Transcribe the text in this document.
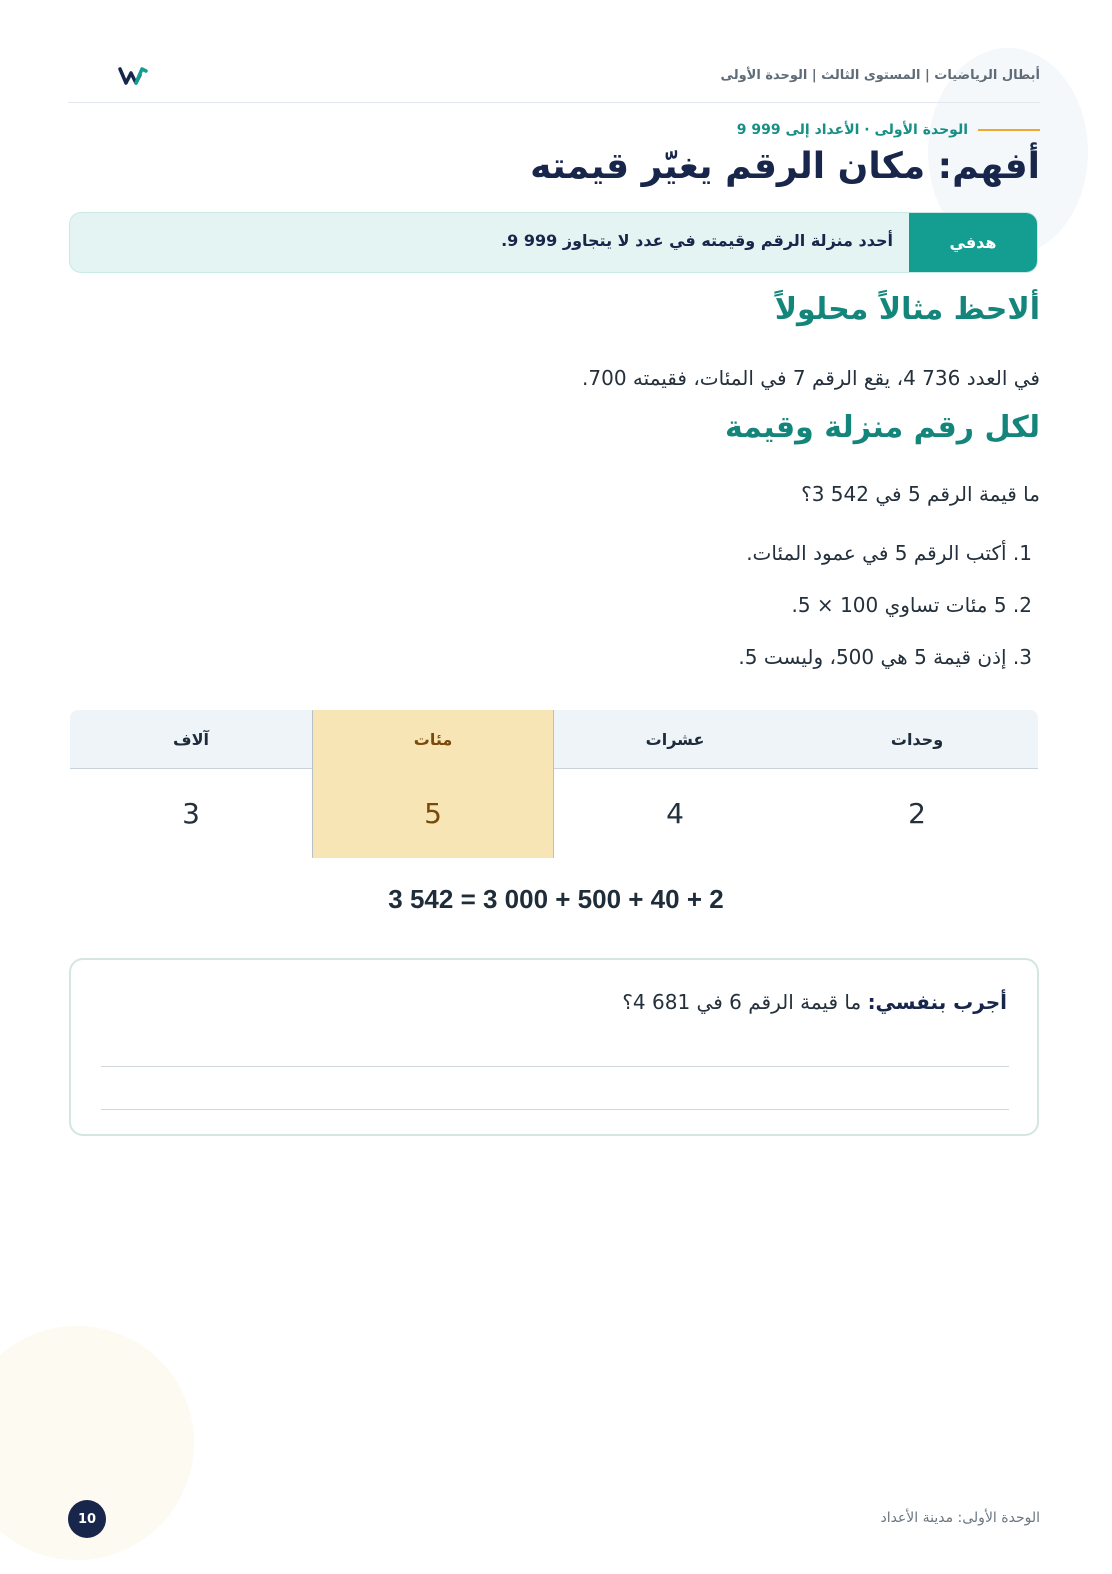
أبطال الرياضيات | المستوى الثالث | الوحدة الأولى
الوحدة الأولى · الأعداد إلى 999 9
أفهم: مكان الرقم يغيّر قيمته
هدفي
أحدد منزلة الرقم وقيمته في عدد لا يتجاوز 999 9.
ألاحظ مثالاً محلولاً

في العدد 736 4، يقع الرقم 7 في المئات، فقيمته 700.

لكل رقم منزلة وقيمة

ما قيمة الرقم 5 في 542 3؟

1. أكتب الرقم 5 في عمود المئات.
2. 5 مئات تساوي 100 × 5.
3. إذن قيمة 5 هي 500، وليست 5.
وحدات
عشرات
مئات
آلاف
2
4
5
3
3 542 = 3 000 + 500 + 40 + 2
أجرب بنفسي: ما قيمة الرقم 6 في 681 4؟
الوحدة الأولى: مدينة الأعداد
10
